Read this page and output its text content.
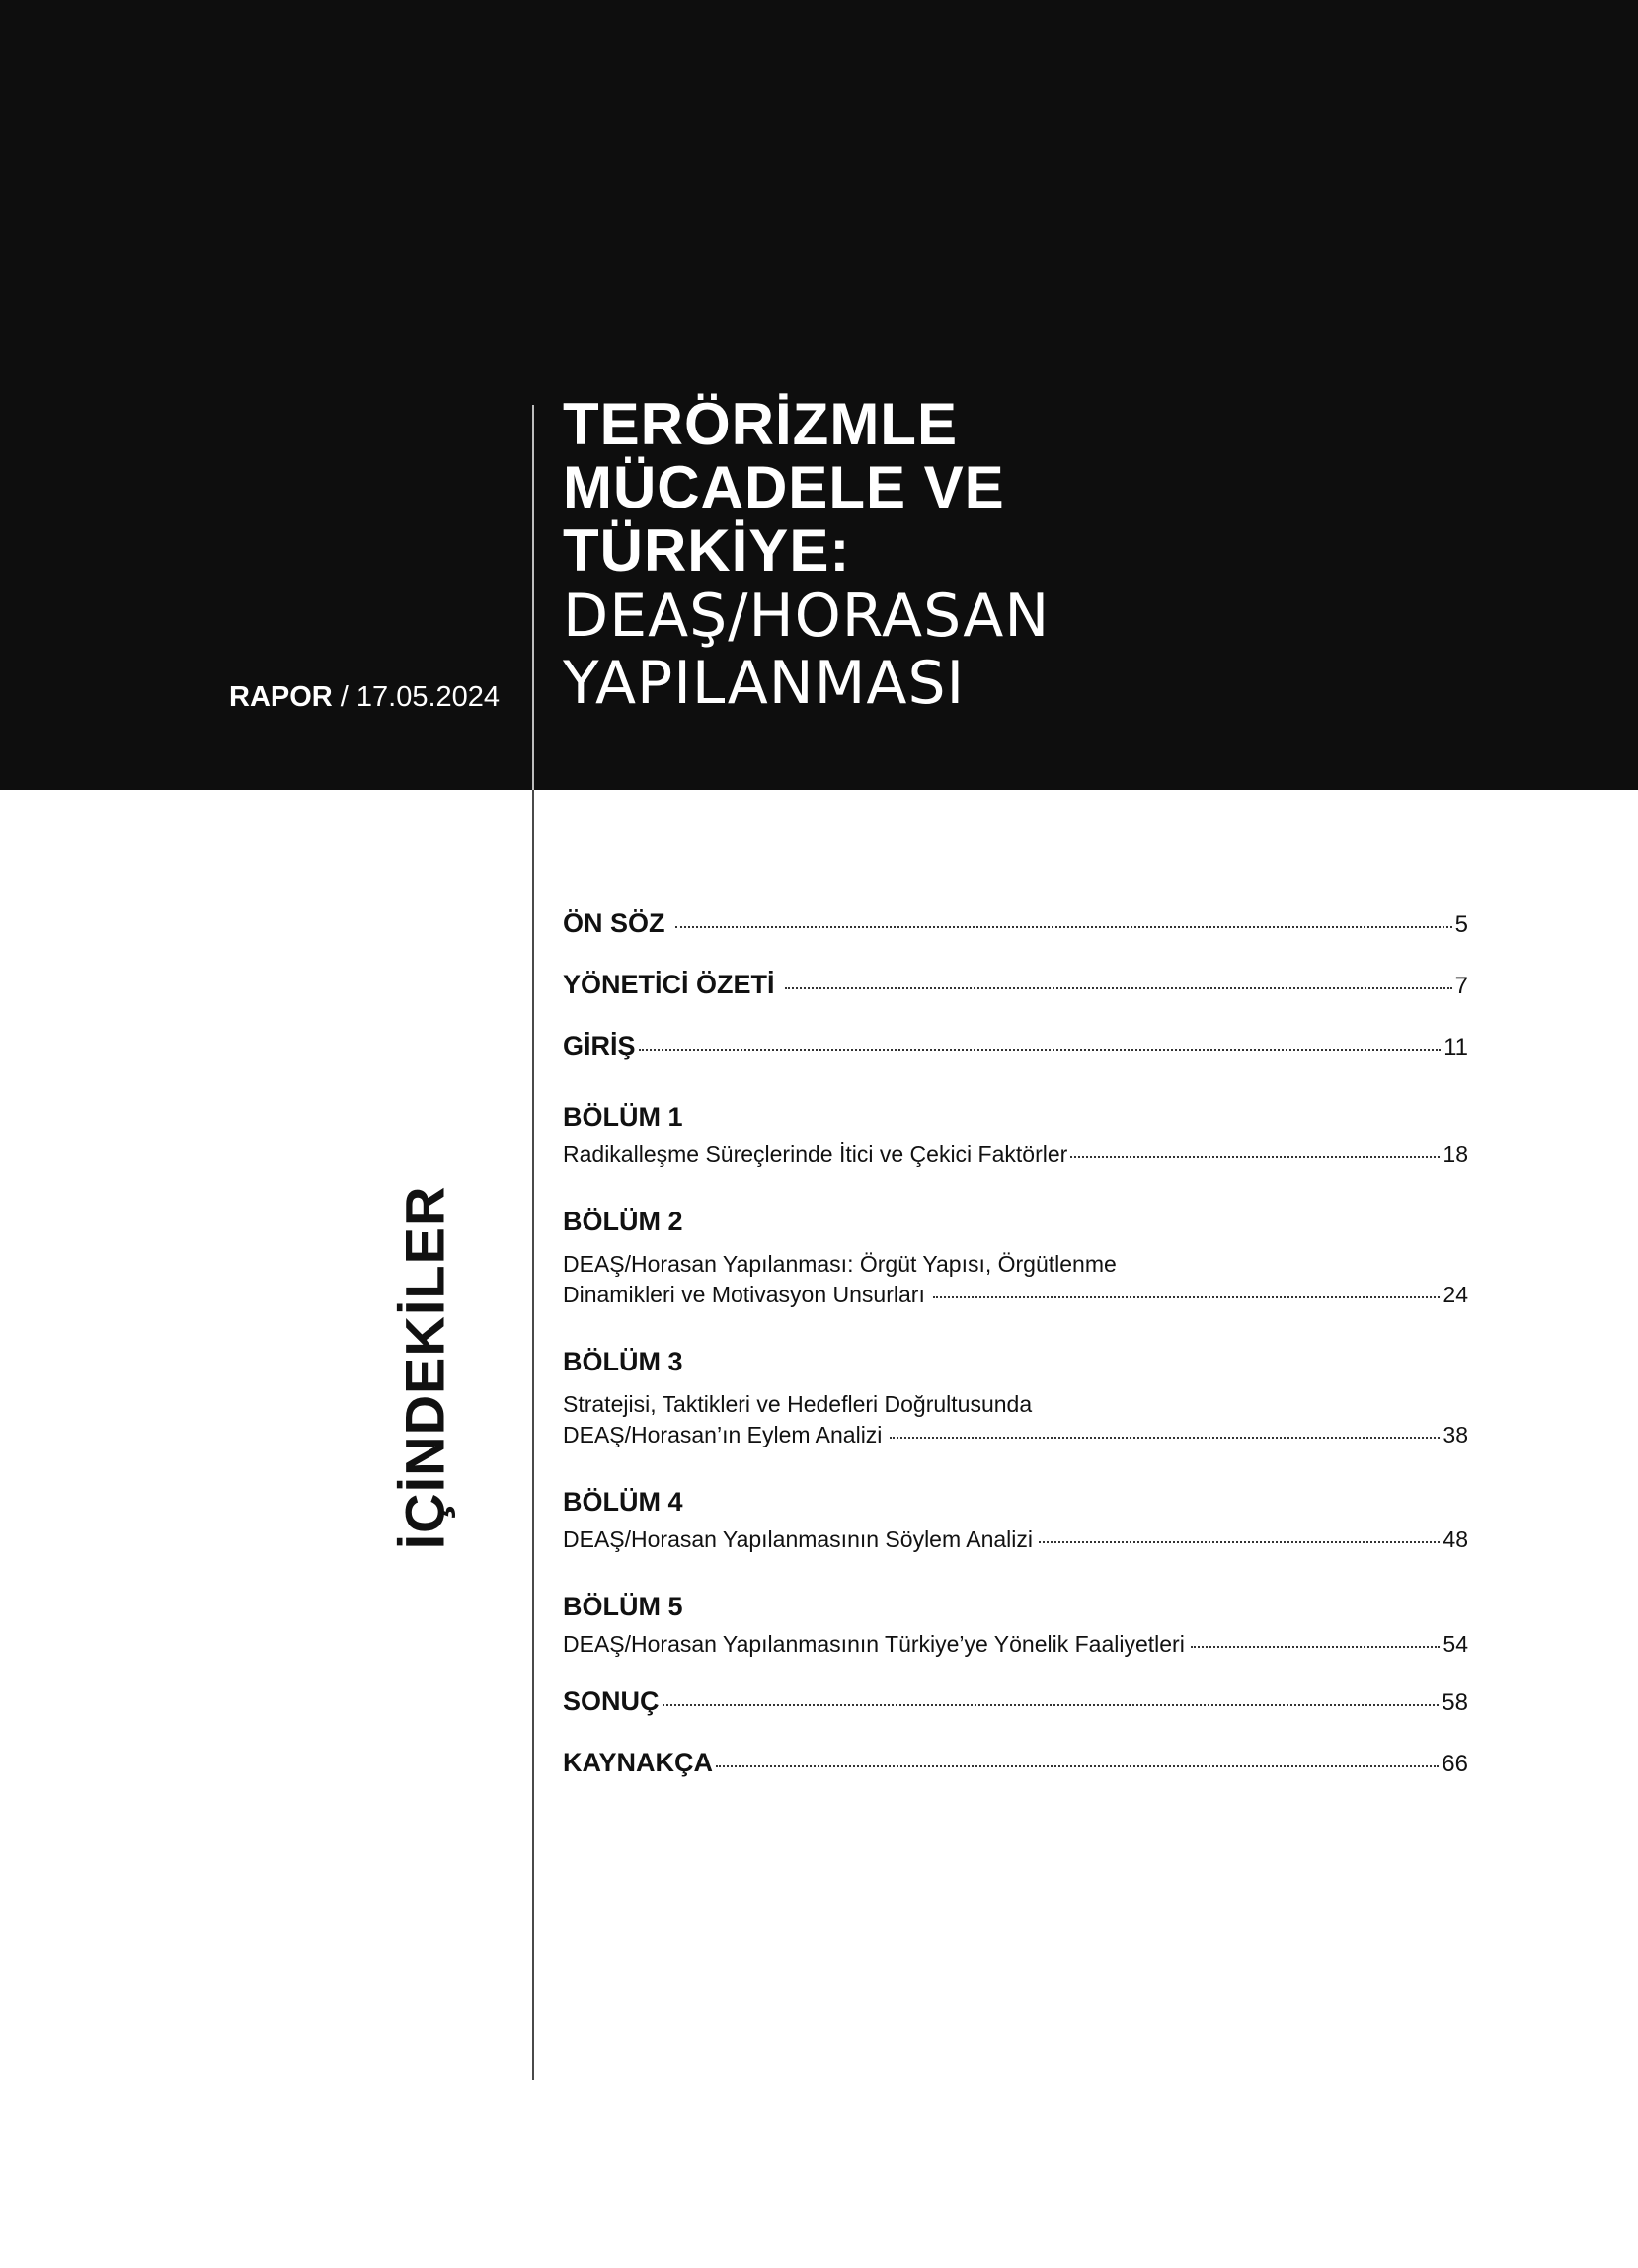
RAPOR / 17.05.2024
TERÖRİZMLE
MÜCADELE VE
TÜRKİYE:
DEAŞ/HORASAN
YAPILANMASI
İÇİNDEKİLER
ÖN SÖZ	5
YÖNETİCİ ÖZETİ	7
GİRİŞ	11
BÖLÜM 1
Radikalleşme Süreçlerinde İtici ve Çekici Faktörler	18
BÖLÜM 2
DEAŞ/Horasan Yapılanması: Örgüt Yapısı, Örgütlenme
Dinamikleri ve Motivasyon Unsurları	24
BÖLÜM 3
Stratejisi, Taktikleri ve Hedefleri Doğrultusunda
DEAŞ/Horasan’ın Eylem Analizi	38
BÖLÜM 4
DEAŞ/Horasan Yapılanmasının Söylem Analizi	48
BÖLÜM 5
DEAŞ/Horasan Yapılanmasının Türkiye’ye Yönelik Faaliyetleri	54
SONUÇ	58
KAYNAKÇA	66
